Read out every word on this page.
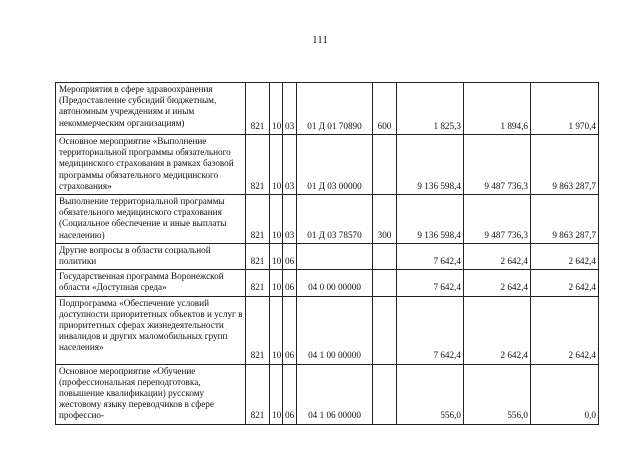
111
Мероприятия в сфере здравоохранения (Предоставление субсидий бюджетным, автономным учреждениям и иным некоммерческим организациям)	821	10	03	01 Д 01 70890	600	1 825,3	1 894,6	1 970,4
Основное мероприятие «Выполнение территориальной программы обязательного медицинского страхования в рамках базовой программы обязательного медицинского страхования»	821	10	03	01 Д 03 00000		9 136 598,4	9 487 736,3	9 863 287,7
Выполнение территориальной программы обязательного медицинского страхования (Социальное обеспечение и иные выплаты населению)	821	10	03	01 Д 03 78570	300	9 136 598,4	9 487 736,3	9 863 287,7
Другие вопросы в области социальной политики	821	10	06			7 642,4	2 642,4	2 642,4
Государственная программа Воронежской области «Доступная среда»	821	10	06	04 0 00 00000		7 642,4	2 642,4	2 642,4
Подпрограмма «Обеспечение условий доступности приоритетных объектов и услуг в приоритетных сферах жизнедеятельности инвалидов и других маломобильных групп населения»	821	10	06	04 1 00 00000		7 642,4	2 642,4	2 642,4
Основное мероприятие «Обучение (профессиональная переподготовка, повышение квалификации) русскому жестовому языку переводчиков в сфере профессио-	821	10	06	04 1 06 00000		556,0	556,0	0,0
